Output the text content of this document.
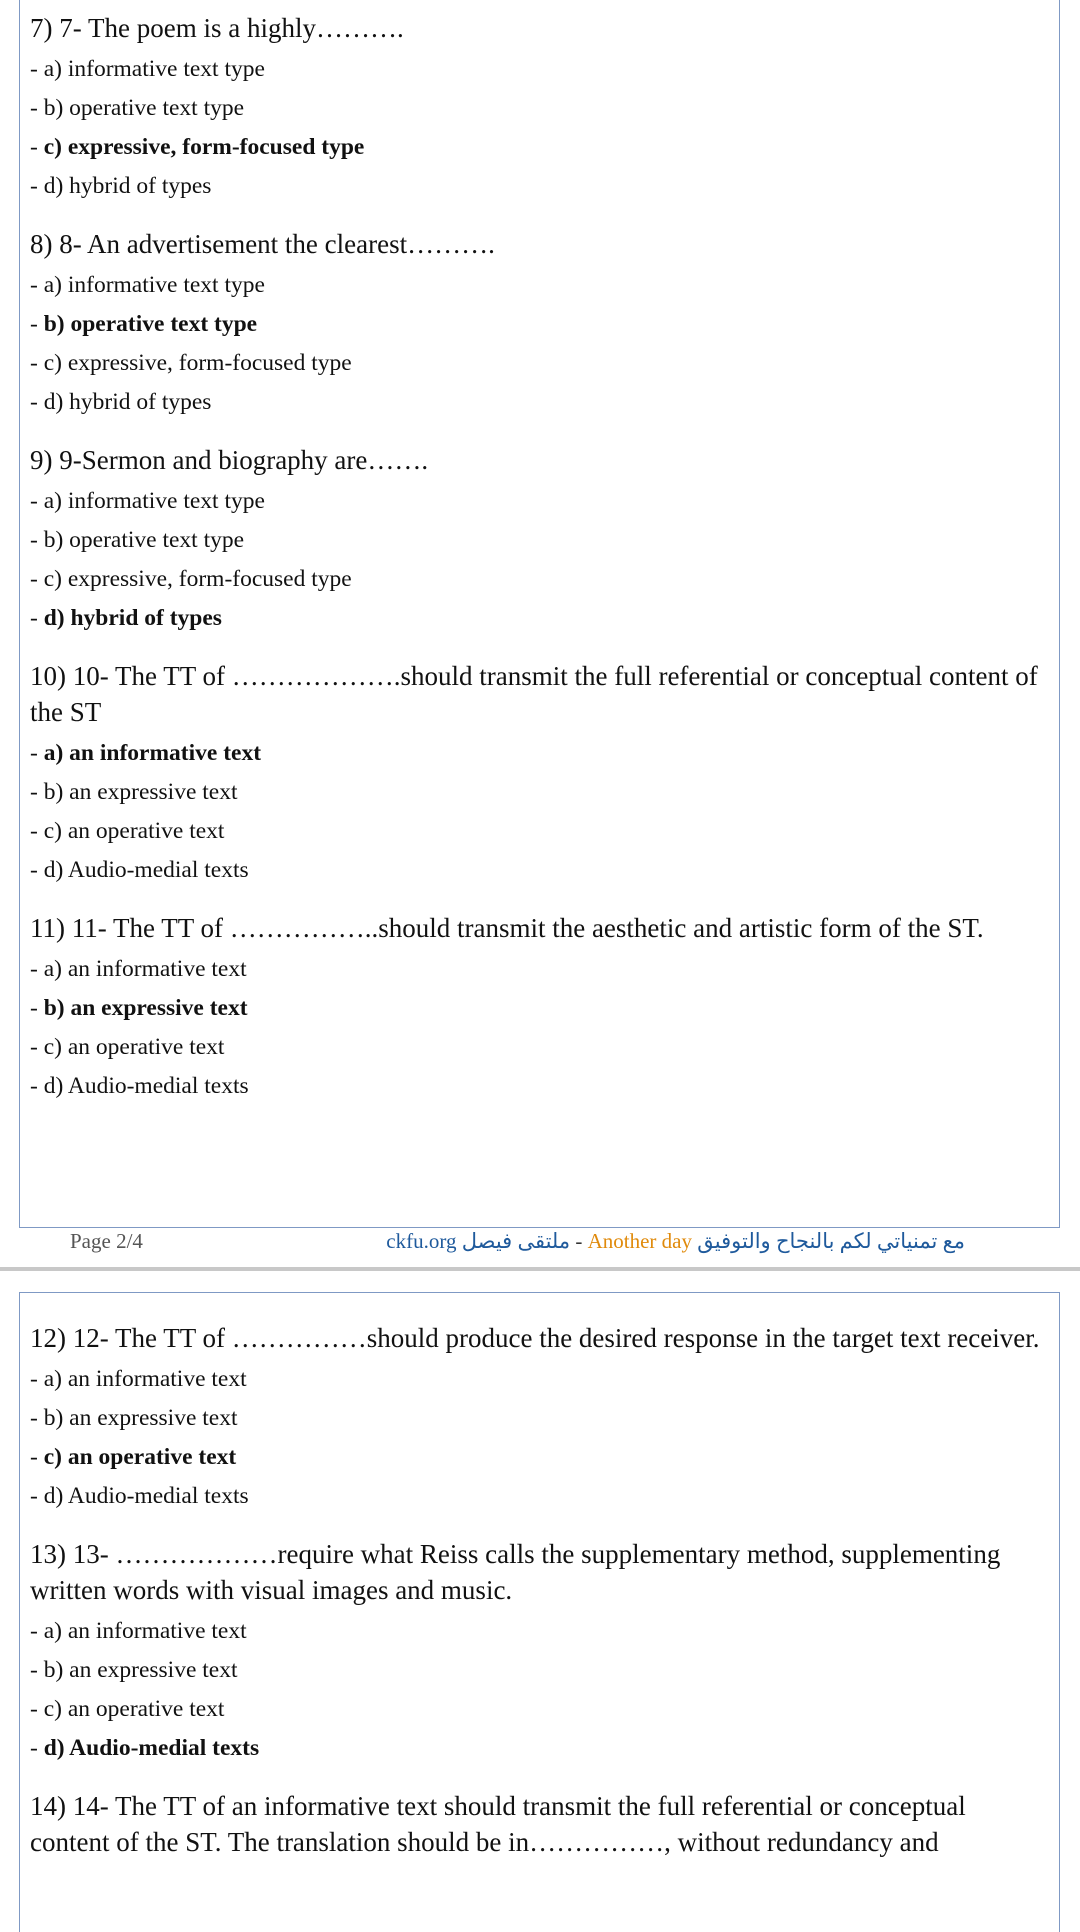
7) 7- The poem is a highly……….
- a) informative text type
- b) operative text type
- c) expressive, form-focused type
- d) hybrid of types
8) 8- An advertisement the clearest……….
- a) informative text type
- b) operative text type
- c) expressive, form-focused type
- d) hybrid of types
9) 9-Sermon and biography are…….
- a) informative text type
- b) operative text type
- c) expressive, form-focused type
- d) hybrid of types
10) 10- The TT of ……………….should transmit the full referential or conceptual content of the ST
- a) an informative text
- b) an expressive text
- c) an operative text
- d) Audio-medial texts
11) 11- The TT of ……………..should transmit the aesthetic and artistic form of the ST.
- a) an informative text
- b) an expressive text
- c) an operative text
- d) Audio-medial texts
Page 2/4	ckfu.org ملتقى فيصل - Another day مع تمنياتي لكم بالنجاح والتوفيق
12) 12- The TT of ……………should produce the desired response in the target text receiver.
- a) an informative text
- b) an expressive text
- c) an operative text
- d) Audio-medial texts
13) 13- ………………require what Reiss calls the supplementary method, supplementing written words with visual images and music.
- a) an informative text
- b) an expressive text
- c) an operative text
- d) Audio-medial texts
14) 14- The TT of an informative text should transmit the full referential or conceptual content of the ST. The translation should be in……………, without redundancy and
